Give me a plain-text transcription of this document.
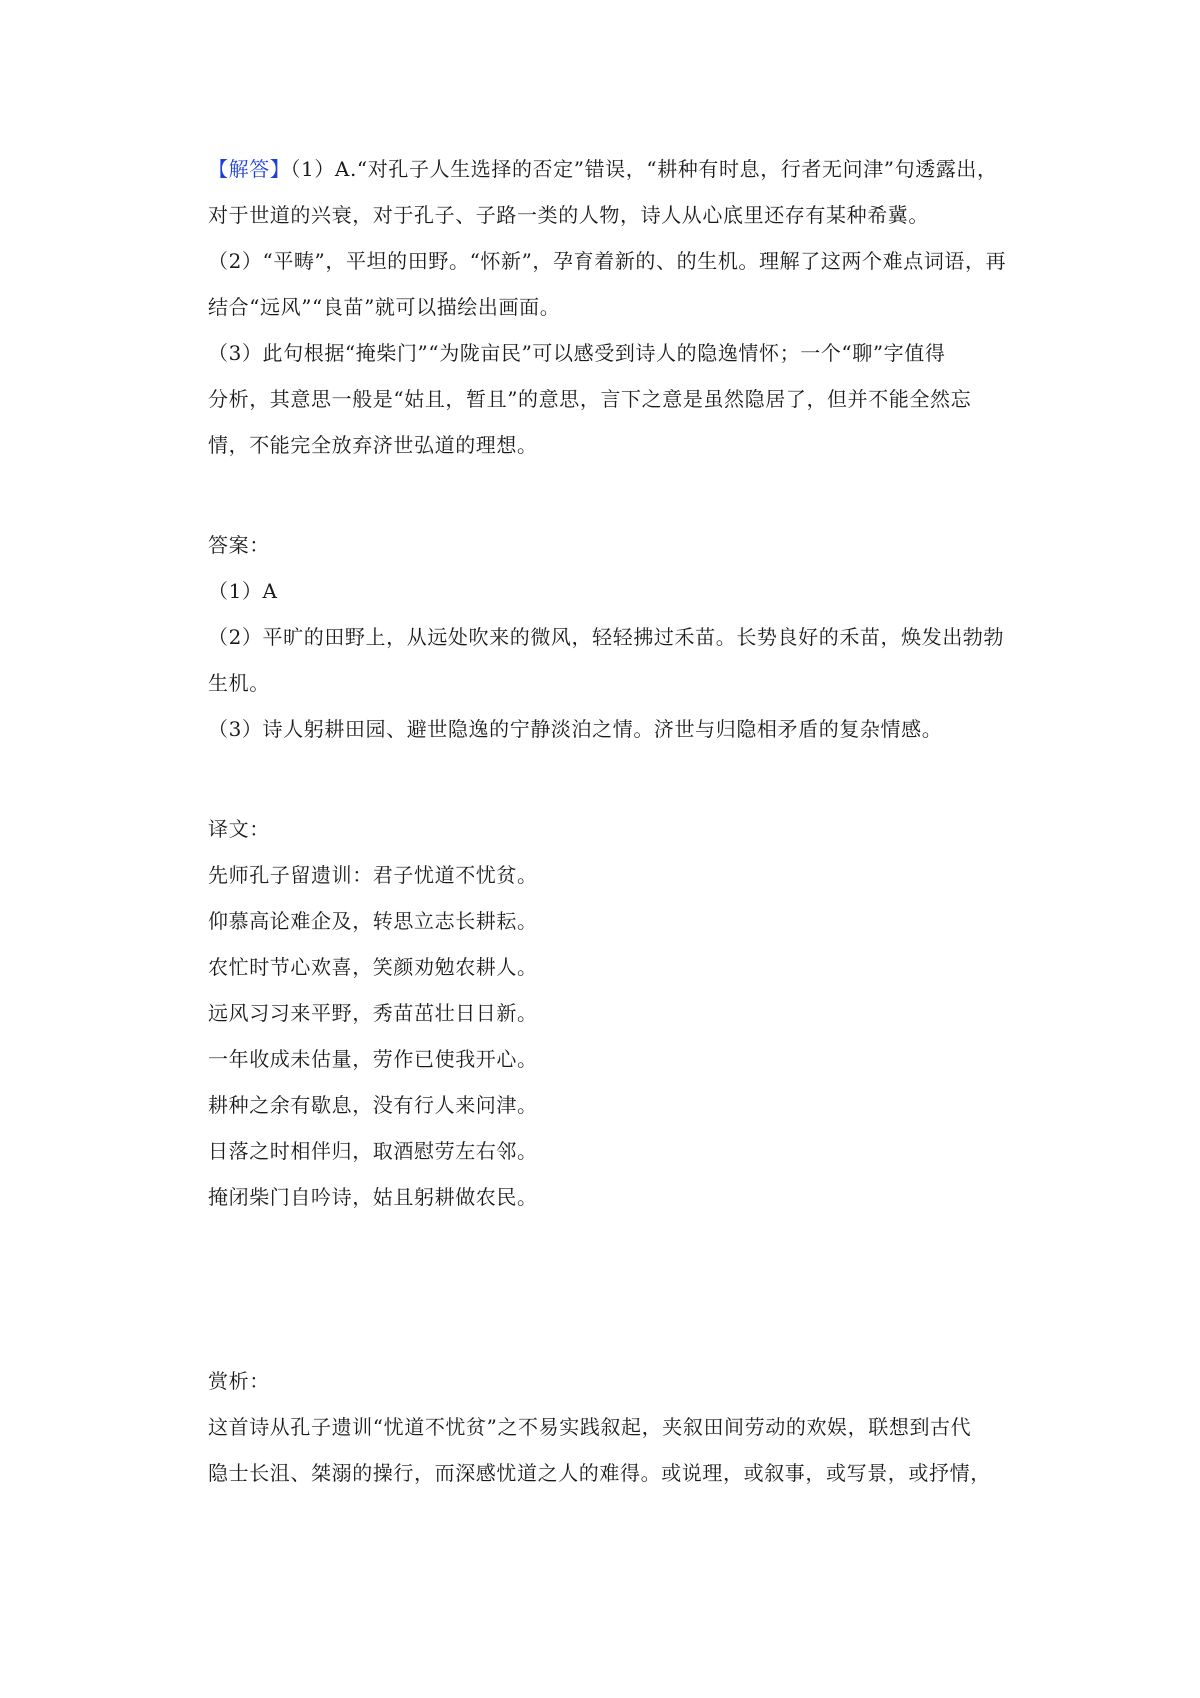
【解答】（1）A.“对孔子人生选择的否定”错误，“耕种有时息，行者无问津”句透露出，
对于世道的兴衰，对于孔子、子路一类的人物，诗人从心底里还存有某种希冀。
（2）“平畴”，平坦的田野。“怀新”，孕育着新的、的生机。理解了这两个难点词语，再
结合“远风”“良苗”就可以描绘出画面。
（3）此句根据“掩柴门”“为陇亩民”可以感受到诗人的隐逸情怀；一个“聊”字值得
分析，其意思一般是“姑且，暂且”的意思，言下之意是虽然隐居了，但并不能全然忘
情，不能完全放弃济世弘道的理想。
答案：
（1）A
（2）平旷的田野上，从远处吹来的微风，轻轻拂过禾苗。长势良好的禾苗，焕发出勃勃
生机。
（3）诗人躬耕田园、避世隐逸的宁静淡泊之情。济世与归隐相矛盾的复杂情感。
译文：
先师孔子留遗训：君子忧道不忧贫。
仰慕高论难企及，转思立志长耕耘。
农忙时节心欢喜，笑颜劝勉农耕人。
远风习习来平野，秀苗茁壮日日新。
一年收成未估量，劳作已使我开心。
耕种之余有歇息，没有行人来问津。
日落之时相伴归，取酒慰劳左右邻。
掩闭柴门自吟诗，姑且躬耕做农民。
赏析：
这首诗从孔子遗训“忧道不忧贫”之不易实践叙起，夹叙田间劳动的欢娱，联想到古代
隐士长沮、桀溺的操行，而深感忧道之人的难得。或说理，或叙事，或写景，或抒情，
